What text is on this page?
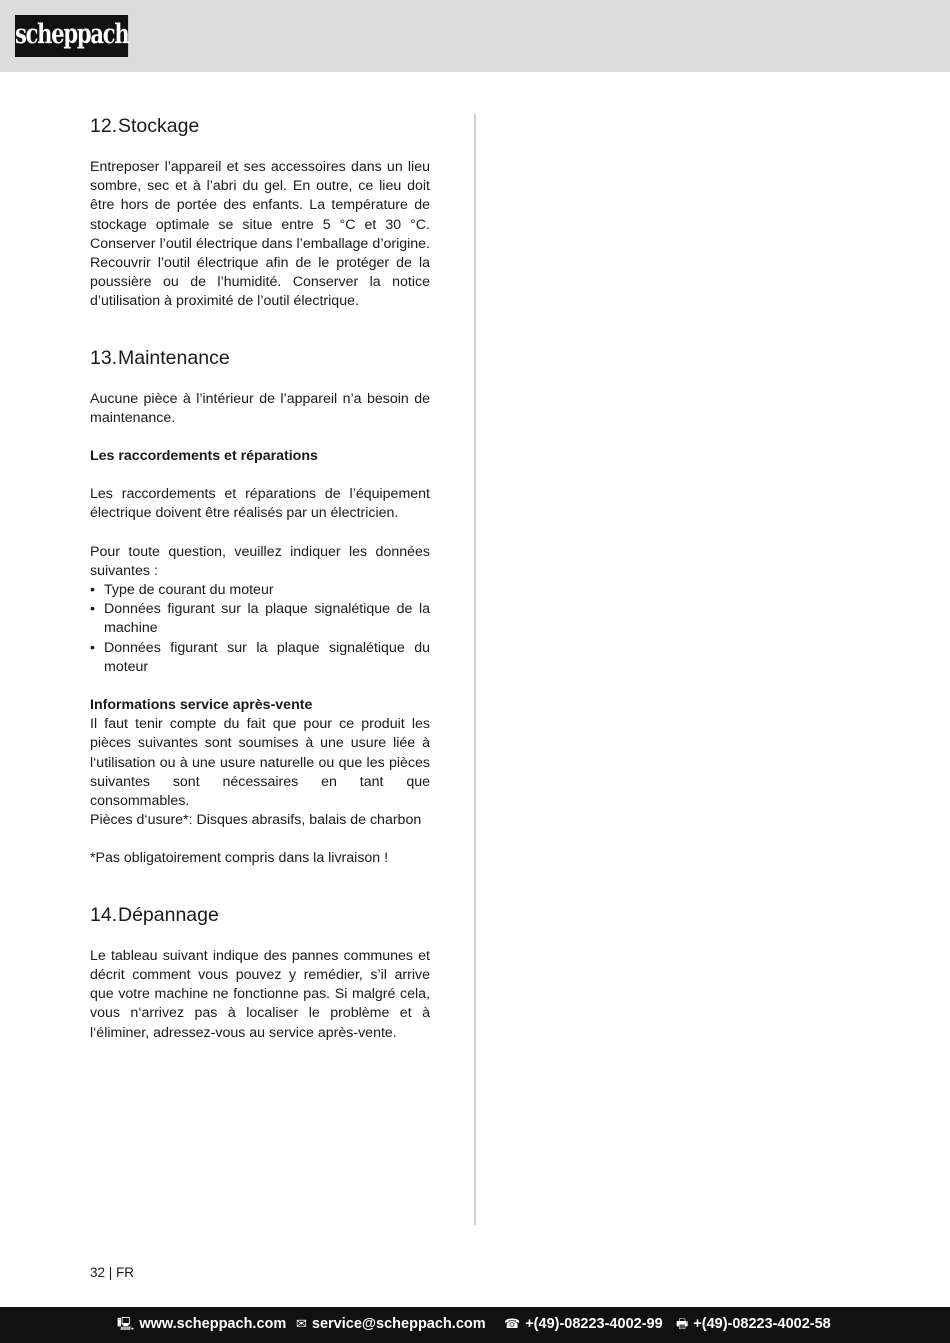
scheppach
12.Stockage

Entreposer l’appareil et ses accessoires dans un lieu sombre, sec et à l’abri du gel. En outre, ce lieu doit être hors de portée des enfants. La température de stockage optimale se situe entre 5 °C et 30 °C. Conserver l’outil électrique dans l’emballage d’origine. Recouvrir l’outil électrique afin de le protéger de la poussière ou de l’humidité. Conserver la notice d’utilisation à proximité de l’outil électrique.

13.Maintenance

Aucune pièce à l’intérieur de l’appareil n’a besoin de maintenance.

Les raccordements et réparations

Les raccordements et réparations de l’équipement électrique doivent être réalisés par un électricien.

Pour toute question, veuillez indiquer les données suivantes :

• Type de courant du moteur
• Données figurant sur la plaque signalétique de la machine
• Données figurant sur la plaque signalétique du moteur

Informations service après-vente

Il faut tenir compte du fait que pour ce produit les pièces suivantes sont soumises à une usure liée à l‘utilisation ou à une usure naturelle ou que les pièces suivantes sont nécessaires en tant que consommables.

Pièces d‘usure*: Disques abrasifs, balais de charbon

*Pas obligatoirement compris dans la livraison !

14.Dépannage

Le tableau suivant indique des pannes communes et décrit comment vous pouvez y remédier, s’il arrive que votre machine ne fonctionne pas. Si malgré cela, vous n‘arrivez pas à localiser le problème et à l‘éliminer, adressez-vous au service après-vente.

32 | FR
🖳 www.scheppach.com ✉ service@scheppach.com ☎ +(49)-08223-4002-99 🖶 +(49)-08223-4002-58
